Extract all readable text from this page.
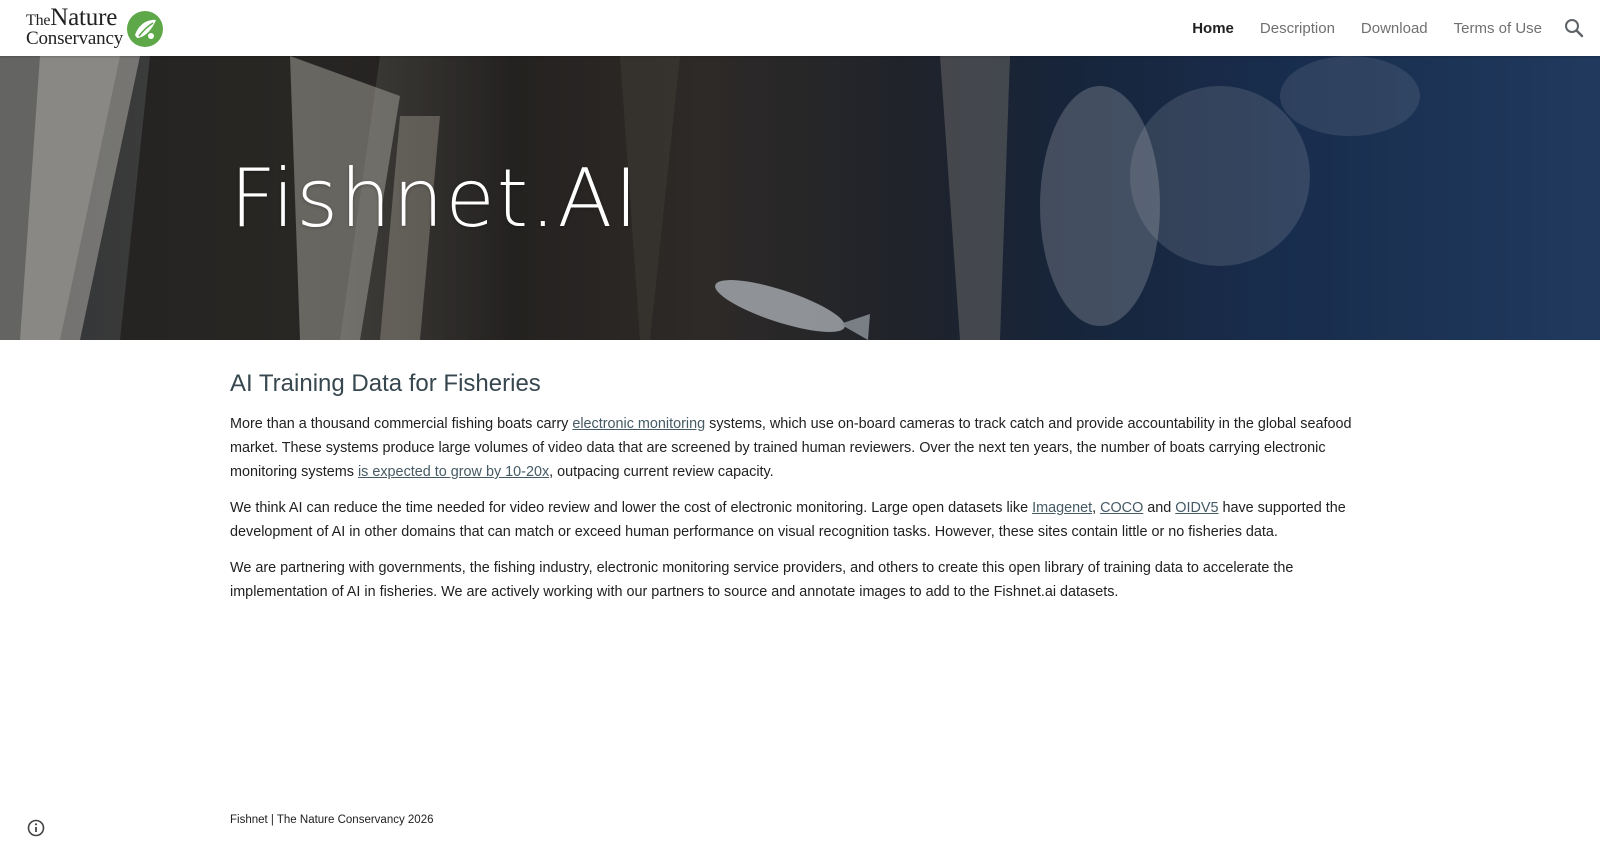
TheNature
Conservancy	Home Description Download Terms of Use
Fishnet.AI
AI Training Data for Fisheries

More than a thousand commercial fishing boats carry electronic monitoring systems, which use on-board cameras to track catch and provide accountability in the global seafood market. These systems produce large volumes of video data that are screened by trained human reviewers. Over the next ten years, the number of boats carrying electronic monitoring systems is expected to grow by 10-20x, outpacing current review capacity.

We think AI can reduce the time needed for video review and lower the cost of electronic monitoring. Large open datasets like Imagenet, COCO and OIDV5 have supported the development of AI in other domains that can match or exceed human performance on visual recognition tasks. However, these sites contain little or no fisheries data.

We are partnering with governments, the fishing industry, electronic monitoring service providers, and others to create this open library of training data to accelerate the implementation of AI in fisheries. We are actively working with our partners to source and annotate images to add to the Fishnet.ai datasets.

Fishnet | The Nature Conservancy 2026
